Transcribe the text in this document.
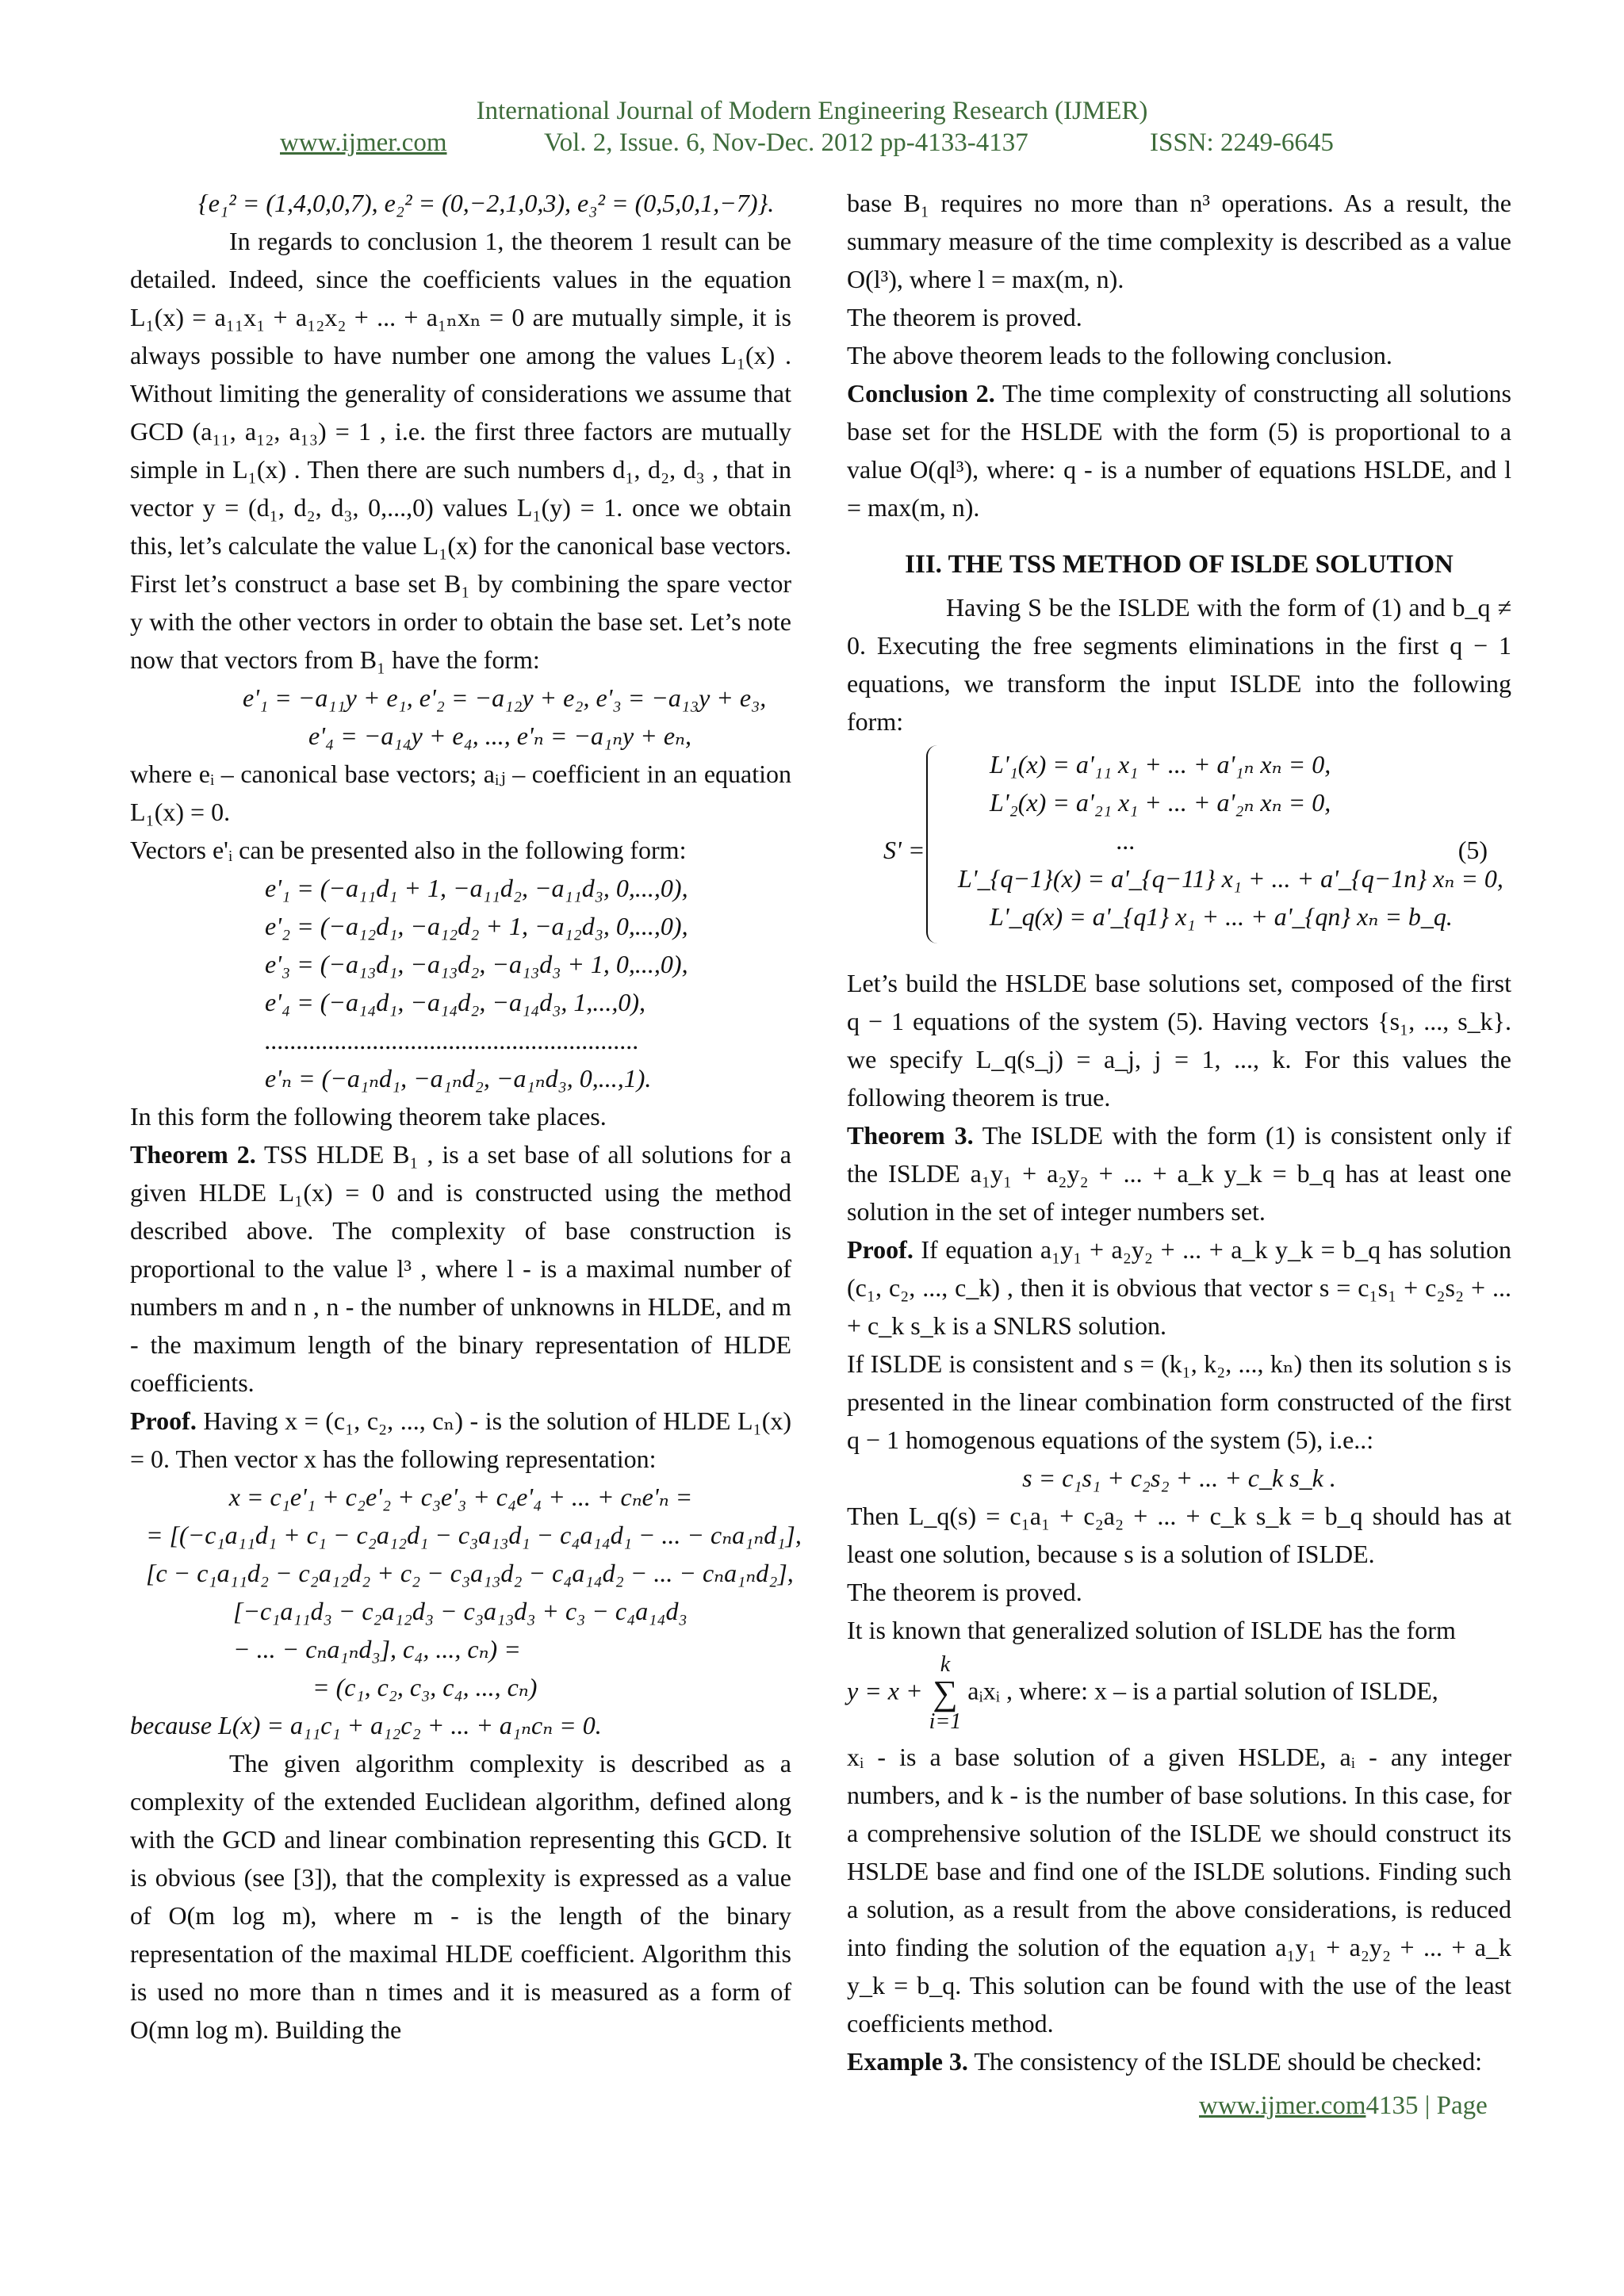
International Journal of Modern Engineering Research (IJMER)
www.ijmer.com	Vol. 2, Issue. 6, Nov-Dec. 2012 pp-4133-4137	ISSN: 2249-6645

{e₁² = (1,4,0,0,7), e₂² = (0,−2,1,0,3), e₃² = (0,5,0,1,−7)}.

In regards to conclusion 1, the theorem 1 result can be detailed. Indeed, since the coefficients values in the equation L₁(x) = a₁₁x₁ + a₁₂x₂ + ... + a₁ₙxₙ = 0 are mutually simple, it is always possible to have number one among the values L₁(x) . Without limiting the generality of considerations we assume that GCD (a₁₁, a₁₂, a₁₃) = 1 , i.e. the first three factors are mutually simple in L₁(x) . Then there are such numbers d₁, d₂, d₃ , that in vector y = (d₁, d₂, d₃, 0,...,0) values L₁(y) = 1. once we obtain this, let’s calculate the value L₁(x) for the canonical base vectors. First let’s construct a base set B₁ by combining the spare vector y with the other vectors in order to obtain the base set. Let’s note now that vectors from B₁ have the form:

e'₁ = −a₁₁y + e₁, e'₂ = −a₁₂y + e₂, e'₃ = −a₁₃y + e₃,

e'₄ = −a₁₄y + e₄, ..., e'ₙ = −a₁ₙy + eₙ,

where eᵢ – canonical base vectors; aᵢⱼ – coefficient in an equation L₁(x) = 0.

Vectors e'ᵢ can be presented also in the following form:

e'₁ = (−a₁₁d₁ + 1, −a₁₁d₂, −a₁₁d₃, 0,...,0),

e'₂ = (−a₁₂d₁, −a₁₂d₂ + 1, −a₁₂d₃, 0,...,0),

e'₃ = (−a₁₃d₁, −a₁₃d₂, −a₁₃d₃ + 1, 0,...,0),

e'₄ = (−a₁₄d₁, −a₁₄d₂, −a₁₄d₃, 1,...,0),

...........................................................

e'ₙ = (−a₁ₙd₁, −a₁ₙd₂, −a₁ₙd₃, 0,...,1).

In this form the following theorem take places.

Theorem 2. TSS HLDE B₁ , is a set base of all solutions for a given HLDE L₁(x) = 0 and is constructed using the method described above. The complexity of base construction is proportional to the value l³ , where l - is a maximal number of numbers m and n , n - the number of unknowns in HLDE, and m - the maximum length of the binary representation of HLDE coefficients.

Proof. Having x = (c₁, c₂, ..., cₙ) - is the solution of HLDE L₁(x) = 0. Then vector x has the following representation:

x = c₁e'₁ + c₂e'₂ + c₃e'₃ + c₄e'₄ + ... + cₙe'ₙ =

= [(−c₁a₁₁d₁ + c₁ − c₂a₁₂d₁ − c₃a₁₃d₁ − c₄a₁₄d₁ − ... − cₙa₁ₙd₁],

[c − c₁a₁₁d₂ − c₂a₁₂d₂ + c₂ − c₃a₁₃d₂ − c₄a₁₄d₂ − ... − cₙa₁ₙd₂],

[−c₁a₁₁d₃ − c₂a₁₂d₃ − c₃a₁₃d₃ + c₃ − c₄a₁₄d₃

− ... − cₙa₁ₙd₃], c₄, ..., cₙ) =

= (c₁, c₂, c₃, c₄, ..., cₙ)

because L(x) = a₁₁c₁ + a₁₂c₂ + ... + a₁ₙcₙ = 0.

The given algorithm complexity is described as a complexity of the extended Euclidean algorithm, defined along with the GCD and linear combination representing this GCD. It is obvious (see [3]), that the complexity is expressed as a value of O(m log m), where m - is the length of the binary representation of the maximal HLDE coefficient. Algorithm this is used no more than n times and it is measured as a form of O(mn log m). Building the

base B₁ requires no more than n³ operations. As a result, the summary measure of the time complexity is described as a value O(l³), where l = max(m, n).

The theorem is proved.

The above theorem leads to the following conclusion.

Conclusion 2. The time complexity of constructing all solutions base set for the HSLDE with the form (5) is proportional to a value O(ql³), where: q - is a number of equations HSLDE, and l = max(m, n).

III. THE TSS METHOD OF ISLDE SOLUTION

Having S be the ISLDE with the form of (1) and b_q ≠ 0. Executing the free segments eliminations in the first q − 1 equations, we transform the input ISLDE into the following form:

S' =
L'₁(x) = a'₁₁ x₁ + ... + a'₁ₙ xₙ = 0,
L'₂(x) = a'₂₁ x₁ + ... + a'₂ₙ xₙ = 0,
...
L'_{q−1}(x) = a'_{q−11} x₁ + ... + a'_{q−1n} xₙ = 0,
L'_q(x) = a'_{q1} x₁ + ... + a'_{qn} xₙ = b_q.
(5)

Let’s build the HSLDE base solutions set, composed of the first q − 1 equations of the system (5). Having vectors {s₁, ..., s_k}. we specify L_q(s_j) = a_j, j = 1, ..., k. For this values the following theorem is true.

Theorem 3. The ISLDE with the form (1) is consistent only if the ISLDE a₁y₁ + a₂y₂ + ... + a_k y_k = b_q has at least one solution in the set of integer numbers set.

Proof. If equation a₁y₁ + a₂y₂ + ... + a_k y_k = b_q has solution (c₁, c₂, ..., c_k) , then it is obvious that vector s = c₁s₁ + c₂s₂ + ... + c_k s_k is a SNLRS solution.

If ISLDE is consistent and s = (k₁, k₂, ..., kₙ) then its solution s is presented in the linear combination form constructed of the first q − 1 homogenous equations of the system (5), i.e..:

s = c₁s₁ + c₂s₂ + ... + c_k s_k .

Then L_q(s) = c₁a₁ + c₂a₂ + ... + c_k s_k = b_q should has at least one solution, because s is a solution of ISLDE.

The theorem is proved.

It is known that generalized solution of ISLDE has the form

y = x + k
∑
i=1 aᵢxᵢ , where: x – is a partial solution of ISLDE,

xᵢ - is a base solution of a given HSLDE, aᵢ - any integer numbers, and k - is the number of base solutions. In this case, for a comprehensive solution of the ISLDE we should construct its HSLDE base and find one of the ISLDE solutions. Finding such a solution, as a result from the above considerations, is reduced into finding the solution of the equation a₁y₁ + a₂y₂ + ... + a_k y_k = b_q. This solution can be found with the use of the least coefficients method.

Example 3. The consistency of the ISLDE should be checked:

www.ijmer.com4135 | Page
